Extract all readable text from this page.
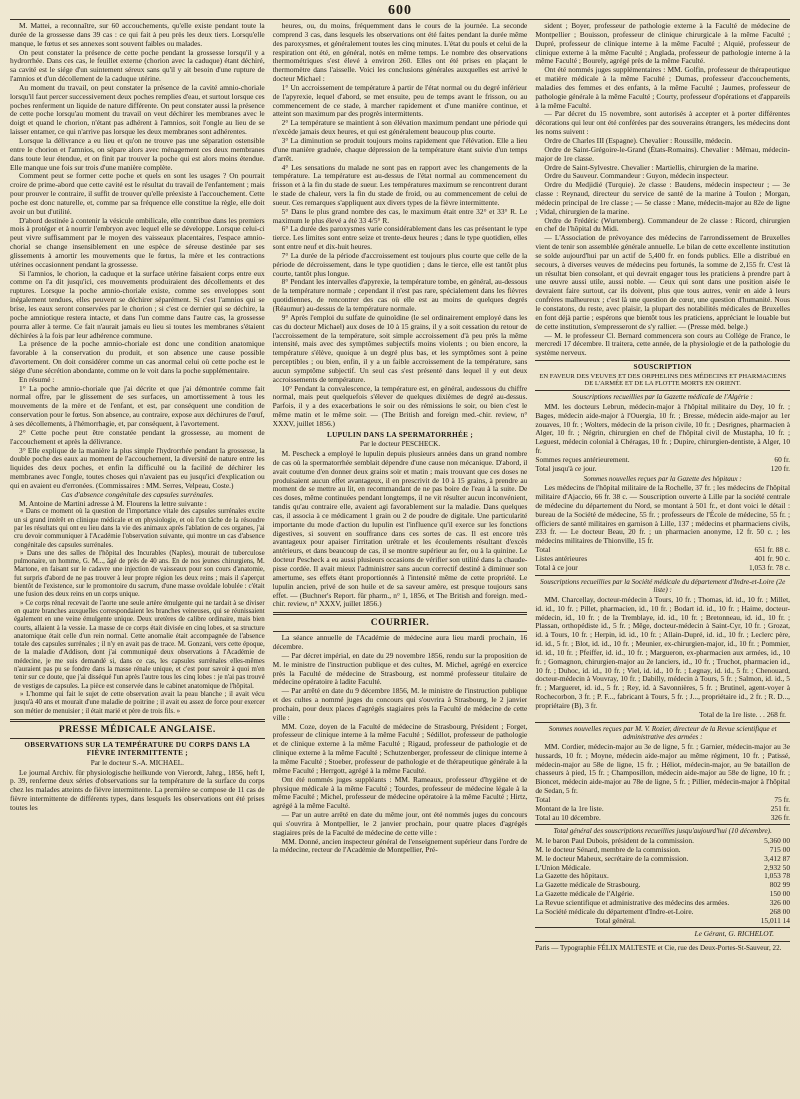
600

M. Mattei, a reconnaître, sur 60 accouchements, qu'elle existe pendant toute la durée de la grossesse dans 39 cas : ce qui fait à peu près les deux tiers. Lorsqu'elle manque, le fœtus et ses annexes sont souvent faibles ou malades.

On peut constater la présence de cette poche pendant la grossesse lorsqu'il y a hydrorrhée. Dans ces cas, le feuillet externe (chorion avec la caduque) étant déchiré, sa cavité est le siége d'un suintement séreux sans qu'il y ait besoin d'une rupture de l'amnios et d'un décollement de la caduque utérine.

Au moment du travail, on peut constater la présence de la cavité amnio-choriale lorsqu'il faut percer successivement deux poches remplies d'eau, et surtout lorsque ces poches renferment un liquide de nature différente. On peut constater aussi la présence de cette poche lorsqu'au moment du travail on veut déchirer les membranes avec le doigt et quand le chorion, n'étant pas adhérent à l'amnios, soit l'ongle au lieu de se laisser entamer, ce qui n'arrive pas lorsque les deux membranes sont adhérentes.

Lorsque la délivrance a eu lieu et qu'on ne trouve pas une séparation ostensible entre le chorion et l'amnios, on sépare alors avec ménagement ces deux membranes dans toute leur étendue, et on finit par trouver la poche qui est alors moins étendue. Elle manque une fois sur trois d'une manière complète.

Comment peut se former cette poche et quels en sont les usages ? On pourrait croire de prime-abord que cette cavité est le résultat du travail de l'enfantement ; mais pour prouver le contraire, il suffit de trouver qu'elle préexiste à l'accouchement. Cette poche est donc naturelle, et, comme par sa fréquence elle constitue la règle, elle doit avoir un but d'utilité.

D'abord destinée à contenir la vésicule ombilicale, elle contribue dans les premiers mois à protéger et à nourrir l'embryon avec lequel elle se développe. Lorsque celui-ci peut vivre suffisamment par le moyen des vaisseaux placentaires, l'espace amnio-chorial se change insensiblement en une espèce de séreuse destinée par ses glissements à amortir les mouvements que le fœtus, la mère et les contractions utérines occasionnent pendant la grossesse.

Si l'amnios, le chorion, la caduque et la surface utérine faisaient corps entre eux comme on l'a dit jusqu'ici, ces mouvements produiraient des décollements et des ruptures. Lorsque la poche amnio-choriale existe, comme ses enveloppes sont inégalement tendues, elles peuvent se déchirer séparément. Si c'est l'amnios qui se brise, les eaux seront conservées par le chorion ; si c'est ce dernier qui se déchire, la poche amniotique restera intacte, et dans l'un comme dans l'autre cas, la grossesse pourra aller à terme. Ce fait n'aurait jamais eu lieu si toutes les membranes s'étaient déchirées à la fois par leur adhérence commune.

La présence de la poche amnio-choriale est donc une condition anatomique favorable à la conservation du produit, et son absence une cause possible d'avortement. On doit considérer comme un cas anormal celui où cette poche est le siége d'une sécrétion abondante, comme on le voit dans la poche supplémentaire.

En résumé :

1° La poche amnio-choriale que j'ai décrite et que j'ai démontrée comme fait normal offre, par le glissement de ses surfaces, un amortissement à tous les mouvements de la mère et de l'enfant, et est, par conséquent une condition de conservation pour le fœtus. Son absence, au contraire, expose aux déchirures de l'œuf, à ses décollements, à l'hémorrhagie, et, par conséquent, à l'avortement.

2° Cette poche peut être constatée pendant la grossesse, au moment de l'accouchement et après la délivrance.

3° Elle explique de la manière la plus simple l'hydrorrhée pendant la grossesse, la double poche des eaux au moment de l'accouchement, la diversité de nature entre les liquides des deux poches, et enfin la difficulté ou la facilité de déchirer les membranes avec l'ongle, toutes choses qui n'avaient pas eu jusqu'ici d'explication ou qui en avaient eu d'erronées. (Commissaires : MM. Serres, Velpeau, Coste.)

Cas d'absence congénitale des capsules surrénales.

M. Antoine de Martini adresse à M. Flourens la lettre suivante :

« Dans ce moment où la question de l'importance vitale des capsules surrénales excite un si grand intérêt en clinique médicale et en physiologie, et où l'on tâche de la résoudre par les résultats qui ont eu lieu dans la vie des animaux après l'ablation de ces organes, j'ai cru devoir communiquer à l'Académie l'observation suivante, qui montre un cas d'absence congénitale des capsules surrénales.

» Dans une des salles de l'hôpital des Incurables (Naples), mourait de tuberculose pulmonaire, un homme, G. M..., âgé de près de 40 ans. En de nos jeunes chirurgiens, M. Martone, en faisant sur le cadavre une injection de vaisseaux pour son cours d'anatomie, fut surpris d'abord de ne pas trouver à leur propre région les deux reins ; mais il s'aperçut bientôt de l'existence, sur le promontoire du sacrum, d'une masse ovoïdale lobulée : c'était une fusion des deux reins en un corps unique.

» Ce corps rénal recevait de l'aorte une seule artère émulgente qui ne tardait à se diviser en quatre branches auxquelles correspondaient les branches veineuses, qui se réunissaient également en une veine émulgente unique. Deux uretères de calibre ordinaire, mais bien courts, allaient à la vessie. La masse de ce corps était divisée en cinq lobes, et sa structure anatomique était celle d'un rein normal. Cette anomalie était accompagnée de l'absence totale des capsules surrénales ; il n'y en avait pas de trace. M. Gonzani, vers cette époque, de la maladie d'Addison, dont j'ai communiqué deux observations à l'Académie de médecine, je me suis demandé si, dans ce cas, les capsules surrénales elles-mêmes n'auraient pas pu se fondre dans la masse rénale unique, et c'est pour savoir à quoi m'en tenir sur ce doute, que j'ai disséqué l'un après l'autre tous les cinq lobes : je n'ai pas trouvé de vestiges de capsules. La pièce est conservée dans le cabinet anatomique de l'hôpital.

» L'homme qui fait le sujet de cette observation avait la peau blanche ; il avait vécu jusqu'à 40 ans et mourait d'une maladie de poitrine ; il avait eu assez de force pour exercer son métier de menuisier ; il était marié et père de trois fils. »

PRESSE MÉDICALE ANGLAISE.
OBSERVATIONS SUR LA TEMPÉRATURE DU CORPS DANS LA FIÈVRE INTERMITTENTE ;
Par le docteur S.-A. MICHAEL.

Le journal Archiv. für physiologische heilkunde von Vierordt, Jahrg., 1856, heft I, p. 39, renferme deux séries d'observations sur la température de la surface du corps chez les malades atteints de fièvre intermittente. La première se compose de 11 cas de fièvre intermittente de différents types, dans lesquels les observations ont été prises toutes les

heures, ou, du moins, fréquemment dans le cours de la journée. La seconde comprend 3 cas, dans lesquels les observations ont été faites pendant la durée même des paroxysmes, et généralement toutes les cinq minutes. L'état du pouls et celui de la respiration ont été, en général, notés en même temps. Le nombre des observations thermométriques s'est élevé à environ 260. Elles ont été prises en plaçant le thermomètre dans l'aisselle. Voici les conclusions générales auxquelles est arrivé le docteur Michael :

1° Un accroissement de température à partir de l'état normal ou du degré inférieur de l'apyrexie, lequel d'abord, se met ensuite, peu de temps avant le frisson, ou au commencement de ce stade, à marcher rapidement et d'une manière continue, et atteint son maximum par des progrès intermittents.

2° La température se maintient à son élévation maximum pendant une période qui n'excède jamais deux heures, et qui est généralement beaucoup plus courte.

3° La diminution se produit toujours moins rapidement que l'élévation. Elle a lieu d'une manière graduée, chaque dépression de la température étant suivie d'un temps d'arrêt.

4° Les sensations du malade ne sont pas en rapport avec les changements de la température. La température est au-dessus de l'état normal au commencement du frisson et à la fin du stade de sueur. Les températures maximum se rencontrent durant le stade de chaleur, vers la fin du stade de froid, ou au commencement de celui de sueur. Ces remarques s'appliquent aux divers types de la fièvre intermittente.

5° Dans le plus grand nombre des cas, le maximum était entre 32° et 33° R. Le maximum le plus élevé a été 33 4/5° R.

6° La durée des paroxysmes varie considérablement dans les cas présentant le type tierce. Les limites sont entre seize et trente-deux heures ; dans le type quotidien, elles sont entre neuf et dix-huit heures.

7° La durée de la période d'accroissement est toujours plus courte que celle de la période de décroissement, dans le type quotidien ; dans le tierce, elle est tantôt plus courte, tantôt plus longue.

8° Pendant les intervalles d'apyrexie, la température tombe, en général, au-dessous de la température normale ; cependant il n'est pas rare, spécialement dans les fièvres quotidiennes, de rencontrer des cas où elle est au moins de quelques degrés (Réaumur) au-dessus de la température normale.

9° Après l'emploi du sulfate de quinoïdine (le sel ordinairement employé dans les cas du docteur Michael) aux doses de 10 à 15 grains, il y a soit cessation du retour de l'accroissement de la température, soit simple accroissement d'à peu près la même intensité, mais avec des symptômes subjectifs moins violents ; ou bien encore, la température s'élève, quoique à un degré plus bas, et les symptômes sont à peine perceptibles ; ou bien, enfin, il y a un faible accroissement de la température, sans aucun symptôme subjectif. Un seul cas s'est présenté dans lequel il y eut deux accroissements de température.

10° Pendant la convalescence, la température est, en général, audessous du chiffre normal, mais peut quelquefois s'élever de quelques dixièmes de degré au-dessus. Parfois, il y a des exacerbations le soir ou des rémissions le soir, ou bien c'est le même matin et le même soir. — (The British and foreign med.-chir. review, n° XXXV, juillet 1856.)

LUPULIN DANS LA SPERMATORRHÉE ;
Par le docteur PESCHECK.

M. Pescheck a employé le lupulin depuis plusieurs années dans un grand nombre de cas où la spermatorrhée semblait dépendre d'une cause non mécanique. D'abord, il avait coutume d'en donner deux grains soir et matin ; mais trouvant que ces doses ne produisaient aucun effet avantageux, il en prescrivit de 10 à 15 grains, à prendre au moment de se mettre au lit, en recommandant de ne pas boire de l'eau à la suite. De ces doses, même continuées pendant longtemps, il ne vit résulter aucun inconvénient, tandis qu'au contraire elle, avaient agi favorablement sur la maladie. Dans quelques cas, il associa à ce médicament 1 grain ou 2 de poudre de digitale. Une particularité importante du mode d'action du lupulin est l'influence qu'il exerce sur les fonctions digestives, si souvent en souffrance dans ces sortes de cas. Il est encore très avantageux pour apaiser l'irritation urétrale et les écoulements résultant d'excès antérieurs, et dans beaucoup de cas, il se montre supérieur au fer, ou à la quinine. Le docteur Pescheck a eu aussi plusieurs occasions de vérifier son utilité dans la chaude-pisse cordée. Il avait mieux l'administrer sans aucun correctif destiné à diminuer son amertume, ses effets étant proportionnés à l'intensité même de cette propriété. Le lupulin ancien, privé de son huile et de sa saveur amère, est presque toujours sans effet. — (Buchner's Report. für pharm., n° 1, 1856, et The British and foreign. med.-chir. review, n° XXXV, juillet 1856.)

COURRIER.

La séance annuelle de l'Académie de médecine aura lieu mardi prochain, 16 décembre.

— Par décret impérial, en date du 29 novembre 1856, rendu sur la proposition de M. le ministre de l'instruction publique et des cultes, M. Michel, agrégé en exercice près la Faculté de médecine de Strasbourg, est nommé professeur titulaire de médecine opératoire à ladite Faculté.

— Par arrêté en date du 9 décembre 1856, M. le ministre de l'instruction publique et des cultes a nommé juges du concours qui s'ouvrira à Strasbourg, le 2 janvier prochain, pour deux places d'agrégés stagiaires près la Faculté de médecine de cette ville :

MM. Coze, doyen de la Faculté de médecine de Strasbourg, Président ; Forget, professeur de clinique interne à la même Faculté ; Sédillot, professeur de pathologie et de clinique externe à la même Faculté ; Rigaud, professeur de pathologie et de clinique externe à la même Faculté ; Schutzenberger, professeur de clinique interne à la même Faculté ; Stoeber, professeur de pathologie et de thérapeutique générale à la même Faculté ; Herrgott, agrégé à la même Faculté.

Ont été nommés juges suppléants : MM. Rameaux, professeur d'hygiène et de physique médicale à la même Faculté ; Tourdes, professeur de médecine légale à la même Faculté ; Michel, professeur de médecine opératoire à la même Faculté ; Hirtz, agrégé à la même Faculté.

— Par un autre arrêté en date du même jour, ont été nommés juges du concours qui s'ouvrira à Montpellier, le 2 janvier prochain, pour quatre places d'agrégés stagiaires près de la Faculté de médecine de cette ville :

MM. Donné, ancien inspecteur général de l'enseignement supérieur dans l'ordre de la médecine, recteur de l'Académie de Montpellier, Pré-

sident ; Boyer, professeur de pathologie externe à la Faculté de médecine de Montpellier ; Bouisson, professeur de clinique chirurgicale à la même Faculté ; Dupré, professeur de clinique interne à la même Faculté ; Alquié, professeur de clinique externe à la même Faculté ; Anglada, professeur de pathologie interne à la même Faculté ; Bourely, agrégé près de la même Faculté.

Ont été nommés juges supplémentaires : MM. Golfin, professeur de thérapeutique et matière médicale à la même Faculté ; Dumas, professeur d'accouchements, maladies des femmes et des enfants, à la même Faculté ; Jaumes, professeur de pathologie générale à la même Faculté ; Courty, professeur d'opérations et d'appareils à la même Faculté.

— Par décret du 15 novembre, sont autorisés à accepter et à porter différentes décorations qui leur ont été conférées par des souverains étrangers, les médecins dont les noms suivent :

Ordre de Charles III (Espagne). Chevalier : Roussille, médecin.

Ordre de Saint-Grégoire-le-Grand (États-Romains). Chevalier : Mêmau, médecin-major de 1re classe.

Ordre de Saint-Sylvestre. Chevalier : Martiellis, chirurgien de la marine.

Ordre du Sauveur. Commandeur : Guyon, médecin inspecteur.

Ordre du Medjidié (Turquie). 2e classe : Baudens, médecin inspecteur ; — 3e classe : Reynaud, directeur du service de santé de la marine à Toulon ; Morgan, médecin principal de 1re classe ; — 5e classe : Mane, médecin-major au 82e de ligne ; Vidal, chirurgien de la marine.

Ordre de Frédéric (Wurtemberg). Commandeur de 2e classe : Ricord, chirurgien en chef de l'hôpital du Midi.

— L'Association de prévoyance des médecins de l'arrondissement de Bruxelles vient de tenir son assemblée générale annuelle. Le bilan de cette excellente institution se solde aujourd'hui par un actif de 5,400 fr. en fonds publics. Elle a distribué en secours, à diverses veuves de médecins peu fortunés, la somme de 2,155 fr. C'est là un résultat bien consolant, et qui devrait engager tous les praticiens à prendre part à une œuvre aussi utile, aussi noble. — Ceux qui sont dans une position aisée le devraient faire surtout, car ils doivent, plus que tous autres, venir en aide à leurs confrères malheureux ; c'est là une question de cœur, une question d'humanité. Nous le constatons, du reste, avec plaisir, la plupart des notabilités médicales de Bruxelles en font déjà partie ; espérons que bientôt tous les praticiens, appréciant le louable but de cette institution, s'empresseront de s'y rallier. — (Presse méd. belge.)

— M. le professeur Cl. Bernard commencera son cours au Collége de France, le mercredi 17 décembre. Il traitera, cette année, de la physiologie et de la pathologie du système nerveux.

SOUSCRIPTION
EN FAVEUR DES VEUVES ET DES ORPHELINS DES MÉDECINS ET PHARMACIENS DE L'ARMÉE ET DE LA FLOTTE MORTS EN ORIENT.
Souscriptions recueillies par la Gazette médicale de l'Algérie :

MM. les docteurs Lebrun, médecin-major à l'hôpital militaire du Dey, 10 fr. ; Bages, médecin aide-major à l'Ouergia, 10 fr. ; Bresse, médecin aide-major au 1er zouaves, 10 fr. ; Wolters, médecin de la prison civile, 10 fr. ; Desrignes, pharmacien à Alger, 10 fr. ; Négrin, chirurgien en chef de l'hôpital civil de Mustapha, 10 fr. ; Leguest, médecin colonial à Chéragas, 10 fr. ; Dupire, chirurgien-dentiste, à Alger, 10 fr.

Sommes reçues antérieurement.	60 fr.
Total jusqu'à ce jour.	120 fr.
Sommes nouvelles reçues par la Gazette des hôpitaux :

Les médecins de l'hôpital militaire de la Rochelle, 37 fr. ; les médecins de l'hôpital militaire d'Ajaccio, 66 fr. 38 c. — Souscription ouverte à Lille par la société centrale de médecine du département du Nord, se montant à 501 fr., et dont voici le détail : bureau de la Société de médecine, 55 fr. ; professeurs de l'École de médecine, 55 fr. ; officiers de santé militaires en garnison à Lille, 137 ; médecins et pharmaciens civils, 233 fr. — Le docteur Beau, 20 fr. ; un pharmacien anonyme, 12 fr. 50 c. ; les médecins militaires de Thionville, 15 fr.

Total	651 fr. 88 c.
Listes antérieures	401 fr. 90 c.
Total à ce jour	1,053 fr. 78 c.
Souscriptions recueillies par la Société médicale du département d'Indre-et-Loire (2e liste) :

MM. Charcellay, docteur-médecin à Tours, 10 fr. ; Thomas, id. id., 10 fr. ; Millet, id. id., 10 fr. ; Pillet, pharmacien, id., 10 fr. ; Bodart id. id., 10 fr. ; Haime, docteur-médecin, id., 10 fr. ; de la Tremblaye, id. id., 10 fr. ; Bretonneau, id. id., 10 fr. ; Plassan, orthopédiste id., 5 fr. ; Mêge, docteur-médecin à Saint-Cyr, 10 fr. ; Grozat, id. à Tours, 10 fr. ; Herpin, id. id., 10 fr. ; Allain-Dupré, id. id., 10 fr. ; Leclerc père, id. id., 5 fr. ; Blot, id. id., 10 fr. ; Meunier, ex-chirurgien-major, id., 10 fr. ; Pommier, id. id., 10 fr. ; Pfeiffer, id. id., 10 fr. ; Margueron, ex-pharmacien aux armées, id., 10 fr. ; Gomagnon, chirurgien-major au 2e lanciers, id., 10 fr. ; Truchot, pharmacien id., 10 fr. ; Duhoc, id. id., 10 fr. ; Viel, id. id., 10 fr. ; Legnay, id. id., 5 fr. ; Chenouard, docteur-médecin à Vouvray, 10 fr. ; Dabilly, médecin à Tours, 5 fr. ; Salmon, id. id., 5 fr. ; Margueret, id. id., 5 fr. ; Rey, id. à Savonnières, 5 fr. ; Brutinel, agent-voyer à Rochecorbon, 3 fr. ; P. F..., fabricant à Tours, 5 fr. ; J..., propriétaire id., 2 fr. ; R. D..., propriétaire (B), 3 fr.

Total de la 1re liste. . . 268 fr.
Sommes nouvelles reçues par M. V. Rozier, directeur de la Revue scientifique et administrative des armées :

MM. Cordier, médecin-major au 3e de ligne, 5 fr. ; Garnier, médecin-major au 3e hussards, 10 fr. ; Moyne, médecin aide-major au même régiment, 10 fr. ; Patissé, médecin-major au 58e de ligne, 15 fr. ; Héliot, médecin-major, au 9e bataillon de chasseurs à pied, 15 fr. ; Champosillon, médecin aide-major au 58e de ligne, 10 fr. ; Bioncet, médecin aide-major au 78e de ligne, 5 fr. ; Pillier, médecin-major à l'hôpital de Sedan, 5 fr.

Total	75 fr.
Montant de la 1re liste.	251 fr.
Total au 10 décembre.	326 fr.
Total général des souscriptions recueillies jusqu'aujourd'hui (10 décembre).
M. le baron Paul Dubois, président de la commission.	5,360 00
M. le docteur Sénard, membre de la commission.	715 00
M. le docteur Maheux, secrétaire de la commission.	3,412 87
L'Union Médicale.	2,932 50
La Gazette des hôpitaux.	1,053 78
La Gazette médicale de Strasbourg.	802 99
La Gazette médicale de l'Algérie.	150 00
La Revue scientifique et administrative des médecins des armées.	326 00
La Société médicale du département d'Indre-et-Loire.	268 00
Total général.	15,011 14
Le Gérant, G. RICHELOT.
Paris — Typographie FÉLIX MALTESTE et Cie, rue des Deux-Portes-St-Sauveur, 22.
